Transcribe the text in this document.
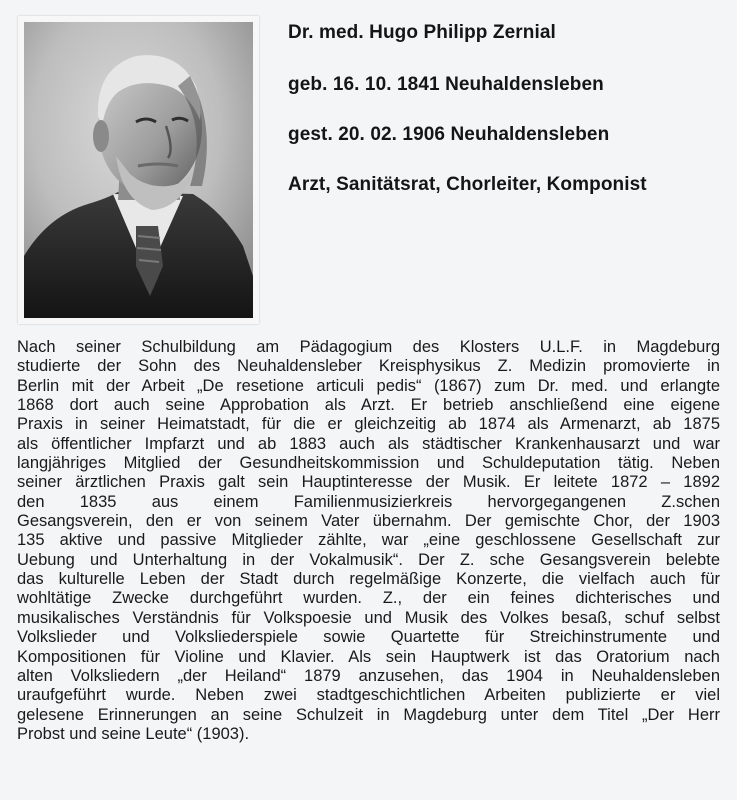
Dr. med. Hugo Philipp Zernial
geb. 16. 10. 1841 Neuhaldensleben
gest. 20. 02. 1906 Neuhaldensleben
Arzt, Sanitätsrat, Chorleiter, Komponist
Nach seiner Schulbildung am Pädagogium des Klosters U.L.F. in Magdeburg
studierte der Sohn des Neuhaldensleber Kreisphysikus Z. Medizin promovierte in
Berlin mit der Arbeit „De resetione articuli pedis“ (1867) zum Dr. med. und erlangte
1868 dort auch seine Approbation als Arzt. Er betrieb anschließend eine eigene
Praxis in seiner Heimatstadt, für die er gleichzeitig ab 1874 als Armenarzt, ab 1875
als öffentlicher Impfarzt und ab 1883 auch als städtischer Krankenhausarzt und war
langjähriges Mitglied der Gesundheitskommission und Schuldeputation tätig. Neben
seiner ärztlichen Praxis galt sein Hauptinteresse der Musik. Er leitete 1872 – 1892
den 1835 aus einem Familienmusizierkreis hervorgegangenen Z.schen
Gesangsverein, den er von seinem Vater übernahm. Der gemischte Chor, der 1903
135 aktive und passive Mitglieder zählte, war „eine geschlossene Gesellschaft zur
Uebung und Unterhaltung in der Vokalmusik“. Der Z. sche Gesangsverein belebte
das kulturelle Leben der Stadt durch regelmäßige Konzerte, die vielfach auch für
wohltätige Zwecke durchgeführt wurden. Z., der ein feines dichterisches und
musikalisches Verständnis für Volkspoesie und Musik des Volkes besaß, schuf selbst
Volkslieder und Volksliederspiele sowie Quartette für Streichinstrumente und
Kompositionen für Violine und Klavier. Als sein Hauptwerk ist das Oratorium nach
alten Volksliedern „der Heiland“ 1879 anzusehen, das 1904 in Neuhaldensleben
uraufgeführt wurde. Neben zwei stadtgeschichtlichen Arbeiten publizierte er viel
gelesene Erinnerungen an seine Schulzeit in Magdeburg unter dem Titel „Der Herr
Probst und seine Leute“ (1903).
